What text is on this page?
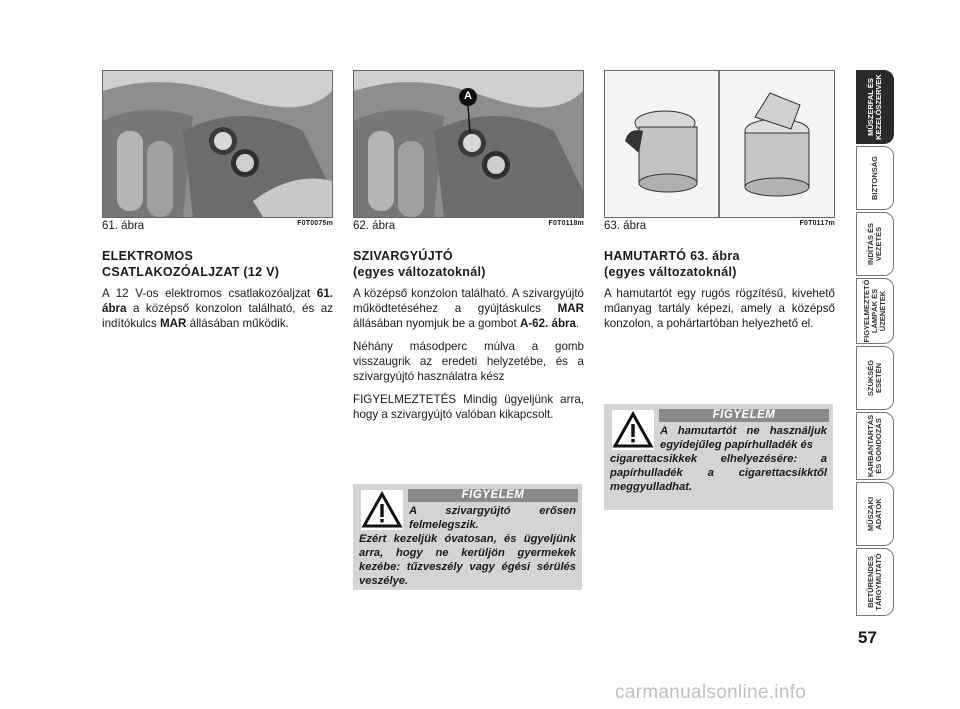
61. ábra	F0T0075m
A
62. ábra	F0T0118m 63. ábra	F0T0117m
ELEKTROMOS
CSATLAKOZÓALJZAT (12 V)

A 12 V-os elektromos csatlakozóaljzat 61. ábra a középső konzolon található, és az indítókulcs MAR állásában működik.

SZIVARGYÚJTÓ
(egyes változatoknál)

A középső konzolon található. A szivargyújtó működtetéséhez a gyújtáskulcs MAR állásában nyomjuk be a gombot A-62. ábra.

Néhány másodperc múlva a gomb visszaugrik az eredeti helyzetébe, és a szivargyújtó használatra kész

FIGYELMEZTETÉS Mindig ügyeljünk arra, hogy a szivargyújtó valóban kikapcsolt.

FIGYELEM
A szivargyújtó erősen felmelegszik.
Ezért kezeljük óvatosan, és ügyeljünk arra, hogy ne kerüljön gyermekek kezébe: tűzveszély vagy égési sérülés veszélye.
HAMUTARTÓ 63. ábra
(egyes változatoknál)

A hamutartót egy rugós rögzítésű, kivehető műanyag tartály képezi, amely a középső konzolon, a pohártartóban helyezhető el.

FIGYELEM
A hamutartót ne használjuk egyidejűleg papírhulladék és
cigarettacsikkek elhelyezésére: a papírhulladék a cigarettacsikktől meggyulladhat.
MŰSZERFAL ÉS
KEZELŐSZERVEK
BIZTONSÁG
INDÍTÁS ÉS
VEZETÉS
FIGYELMEZTETŐ
LÁMPÁK ÉS
ÜZENETEK
SZÜKSÉG
ESETÉN
KARBANTARTÁS
ÉS GONDOZÁS
MŰSZAKI
ADATOK
BETŰRENDES
TÁRGYMUTATÓ
57
carmanualsonline.info
